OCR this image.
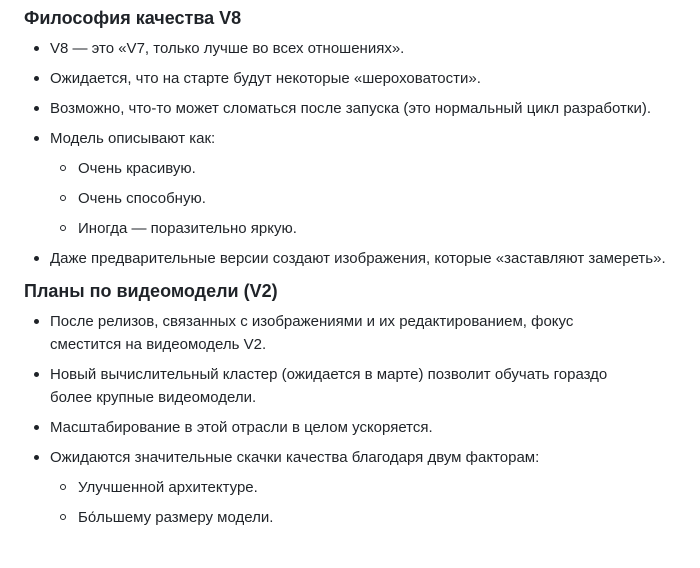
Философия качества V8
V8 — это «V7, только лучше во всех отношениях».
Ожидается, что на старте будут некоторые «шероховатости».
Возможно, что-то может сломаться после запуска (это нормальный цикл разработки).
Модель описывают как:
Очень красивую.
Очень способную.
Иногда — поразительно яркую.
Даже предварительные версии создают изображения, которые «заставляют замереть».
Планы по видеомодели (V2)
После релизов, связанных с изображениями и их редактированием, фокус сместится на видеомодель V2.
Новый вычислительный кластер (ожидается в марте) позволит обучать гораздо более крупные видеомодели.
Масштабирование в этой отрасли в целом ускоряется.
Ожидаются значительные скачки качества благодаря двум факторам:
Улучшенной архитектуре.
Бо́льшему размеру модели.
